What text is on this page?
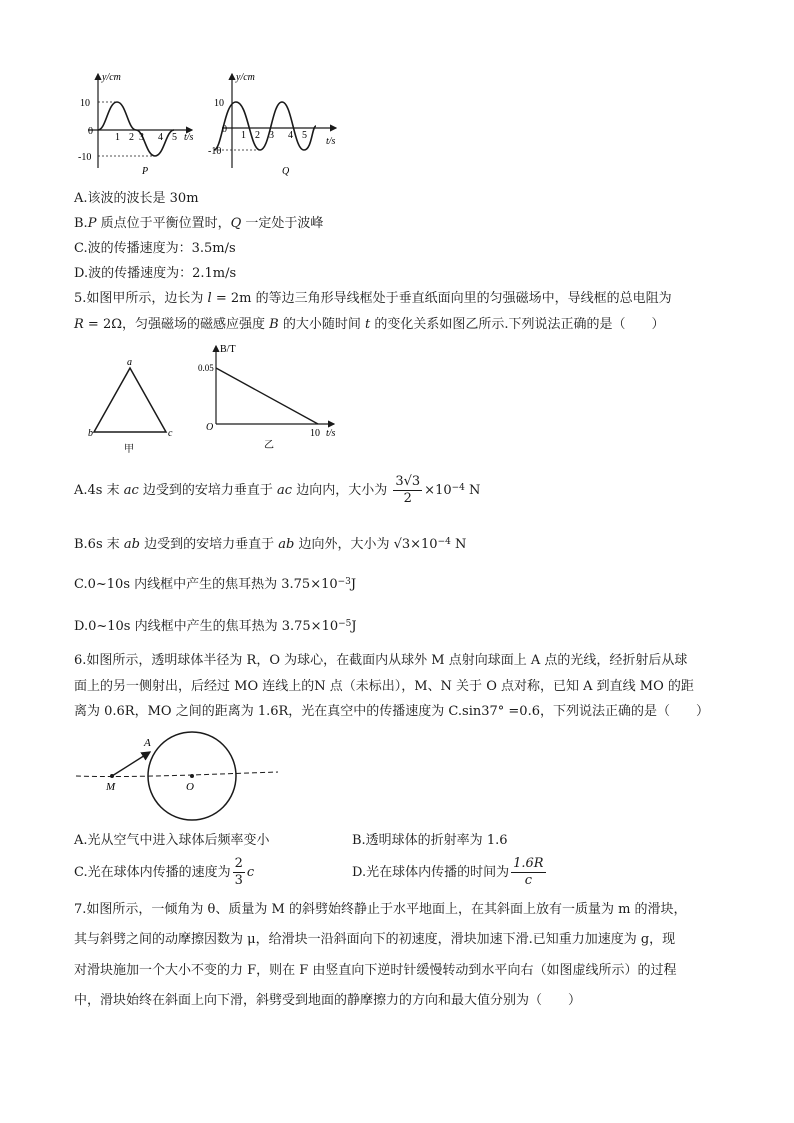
y/cm
10
0
-10
1 2 3 4 5 t/s
P
y/cm
10
0
-10
1 2 3 4 5
t/s
Q
A.该波的波长是 30m
B.P 质点位于平衡位置时，Q 一定处于波峰
C.波的传播速度为：3.5m/s
D.波的传播速度为：2.1m/s
5.如图甲所示，边长为 l = 2m 的等边三角形导线框处于垂直纸面向里的匀强磁场中，导线框的总电阻为
R = 2Ω，匀强磁场的磁感应强度 B 的大小随时间 t 的变化关系如图乙所示.下列说法正确的是（　　）
a
b	c
甲
B/T
0.05
O
10 t/s
乙
A.4s 末 ac 边受到的安培力垂直于 ac 边向内，大小为 $\frac{3√3}{2} \times 10^{-4}$ N
B.6s 末 ab 边受到的安培力垂直于 ab 边向外，大小为 $√3\times 10^{-4}$ N
C.0~10s 内线框中产生的焦耳热为 $3.75\times 10^{-3}J$
D.0~10s 内线框中产生的焦耳热为 $3.75\times 10^{-5}J$
6.如图所示，透明球体半径为 R，O 为球心，在截面内从球外 M 点射向球面上 A 点的光线，经折射后从球
面上的另一侧射出，后经过 MO 连线上的N 点（未标出），M、N 关于 O 点对称，已知 A 到直线 MO 的距
离为 0.6R，MO 之间的距离为 1.6R，光在真空中的传播速度为 C.sin37° =0.6，下列说法正确的是（　　）
A
M	O
A.光从空气中进入球体后频率变小	B.透明球体的折射率为 1.6
C.光在球体内传播的速度为 $\frac{2}{3}$ c	D.光在球体内传播的时间为 $\frac{1.6R}{c}$
7.如图所示，一倾角为 θ、质量为 M 的斜劈始终静止于水平地面上，在其斜面上放有一质量为 m 的滑块，
其与斜劈之间的动摩擦因数为 μ，给滑块一沿斜面向下的初速度，滑块加速下滑.已知重力加速度为 g，现
对滑块施加一个大小不变的力 F，则在 F 由竖直向下逆时针缓慢转动到水平向右（如图虚线所示）的过程
中，滑块始终在斜面上向下滑，斜劈受到地面的静摩擦力的方向和最大值分别为（　　）
